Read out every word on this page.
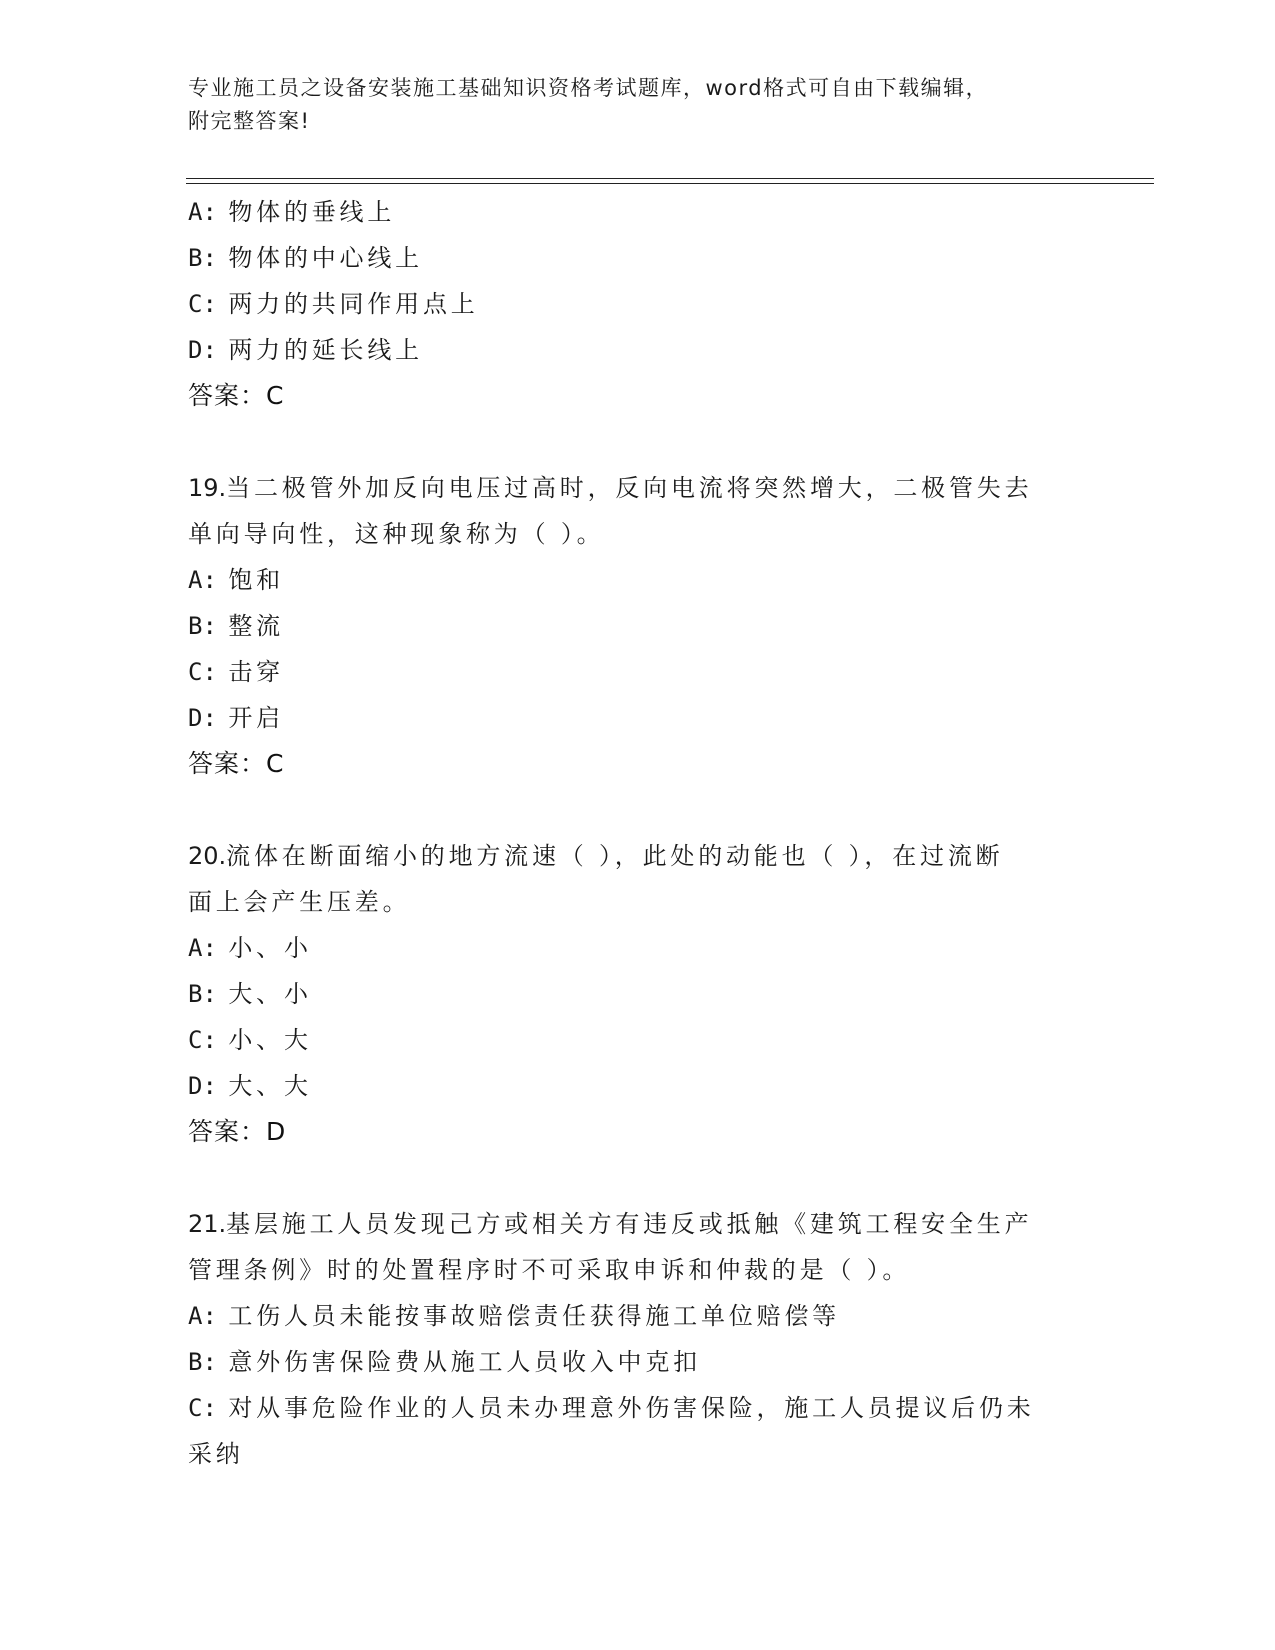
专业施工员之设备安装施工基础知识资格考试题库，word格式可自由下载编辑，
附完整答案!
A: 物体的垂线上
B: 物体的中心线上
C: 两力的共同作用点上
D: 两力的延长线上
答案：C
19.当二极管外加反向电压过高时，反向电流将突然增大，二极管失去
单向导向性，这种现象称为（ ）。
A: 饱和
B: 整流
C: 击穿
D: 开启
答案：C
20.流体在断面缩小的地方流速（ ），此处的动能也（ ），在过流断
面上会产生压差。
A: 小、小
B: 大、小
C: 小、大
D: 大、大
答案：D
21.基层施工人员发现己方或相关方有违反或抵触《建筑工程安全生产
管理条例》时的处置程序时不可采取申诉和仲裁的是（ ）。
A: 工伤人员未能按事故赔偿责任获得施工单位赔偿等
B: 意外伤害保险费从施工人员收入中克扣
C: 对从事危险作业的人员未办理意外伤害保险，施工人员提议后仍未
采纳
